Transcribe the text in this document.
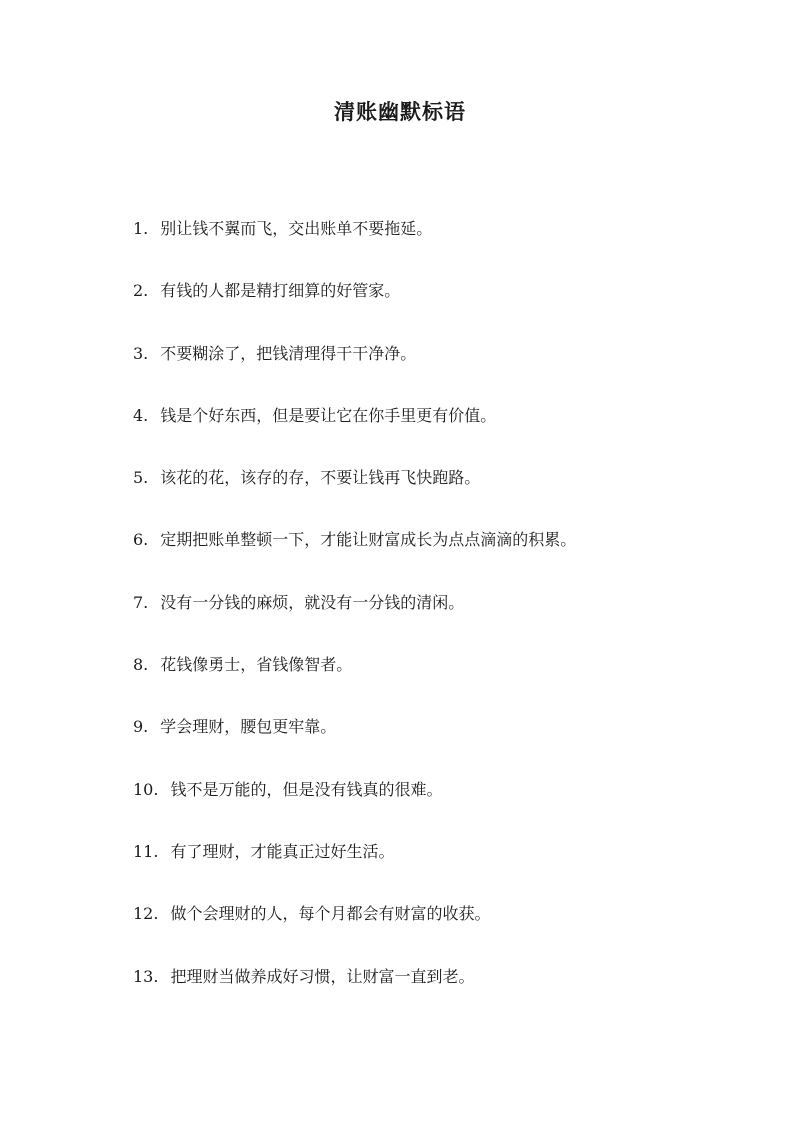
清账幽默标语
1. 别让钱不翼而飞，交出账单不要拖延。
2. 有钱的人都是精打细算的好管家。
3. 不要糊涂了，把钱清理得干干净净。
4. 钱是个好东西，但是要让它在你手里更有价值。
5. 该花的花，该存的存，不要让钱再飞快跑路。
6. 定期把账单整顿一下，才能让财富成长为点点滴滴的积累。
7. 没有一分钱的麻烦，就没有一分钱的清闲。
8. 花钱像勇士，省钱像智者。
9. 学会理财，腰包更牢靠。
10. 钱不是万能的，但是没有钱真的很难。
11. 有了理财，才能真正过好生活。
12. 做个会理财的人，每个月都会有财富的收获。
13. 把理财当做养成好习惯，让财富一直到老。
